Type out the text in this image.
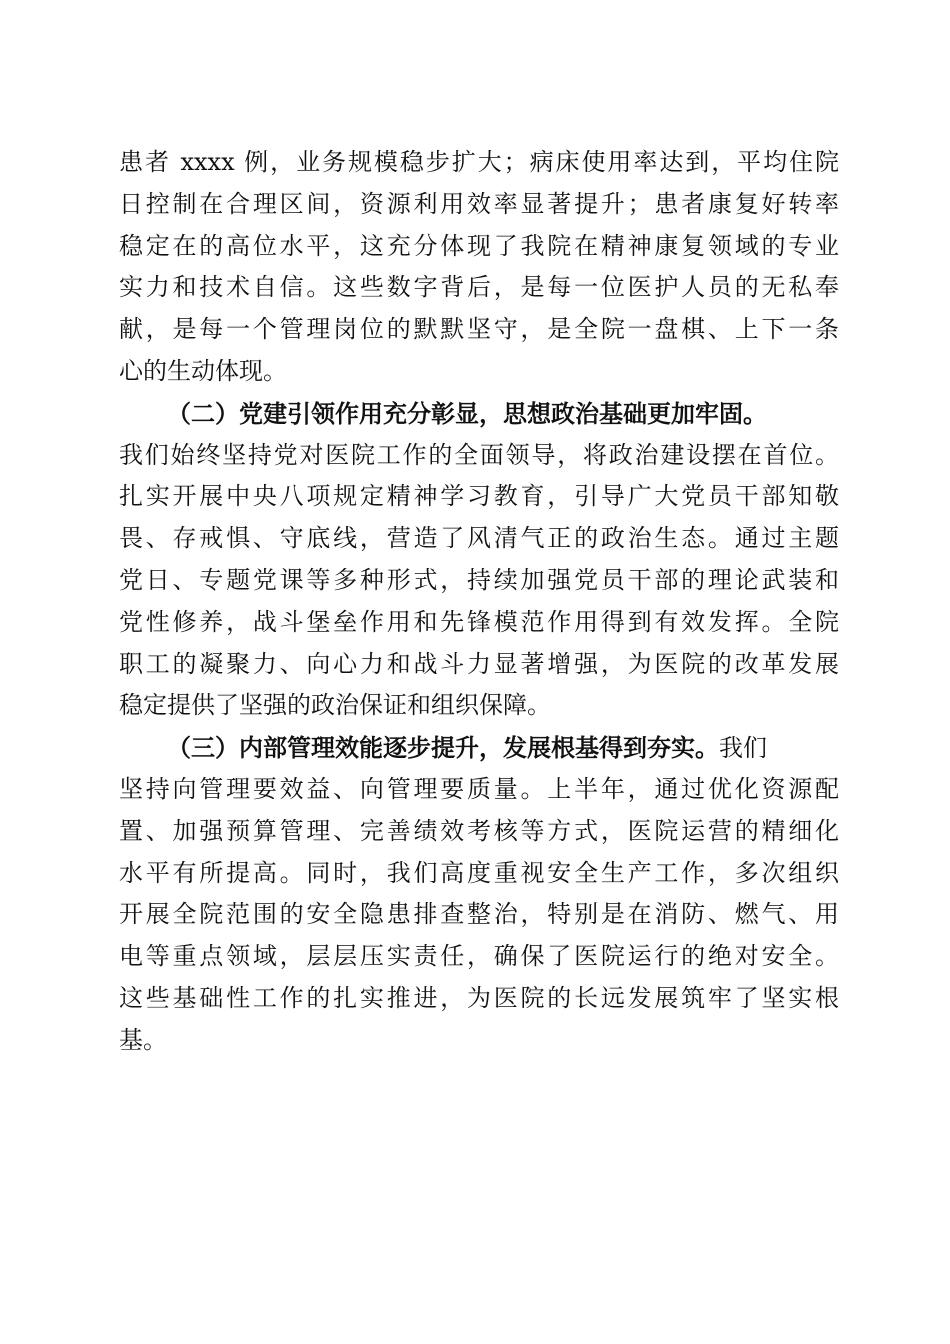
患者 xxxx 例，业务规模稳步扩大；病床使用率达到，平均住院
日控制在合理区间，资源利用效率显著提升；患者康复好转率
稳定在的高位水平，这充分体现了我院在精神康复领域的专业
实力和技术自信。这些数字背后，是每一位医护人员的无私奉
献，是每一个管理岗位的默默坚守，是全院一盘棋、上下一条
心的生动体现。
（二）党建引领作用充分彰显，思想政治基础更加牢固。
我们始终坚持党对医院工作的全面领导，将政治建设摆在首位。
扎实开展中央八项规定精神学习教育，引导广大党员干部知敬
畏、存戒惧、守底线，营造了风清气正的政治生态。通过主题
党日、专题党课等多种形式，持续加强党员干部的理论武装和
党性修养，战斗堡垒作用和先锋模范作用得到有效发挥。全院
职工的凝聚力、向心力和战斗力显著增强，为医院的改革发展
稳定提供了坚强的政治保证和组织保障。
（三）内部管理效能逐步提升，发展根基得到夯实。我们
坚持向管理要效益、向管理要质量。上半年，通过优化资源配
置、加强预算管理、完善绩效考核等方式，医院运营的精细化
水平有所提高。同时，我们高度重视安全生产工作，多次组织
开展全院范围的安全隐患排查整治，特别是在消防、燃气、用
电等重点领域，层层压实责任，确保了医院运行的绝对安全。
这些基础性工作的扎实推进，为医院的长远发展筑牢了坚实根
基。
